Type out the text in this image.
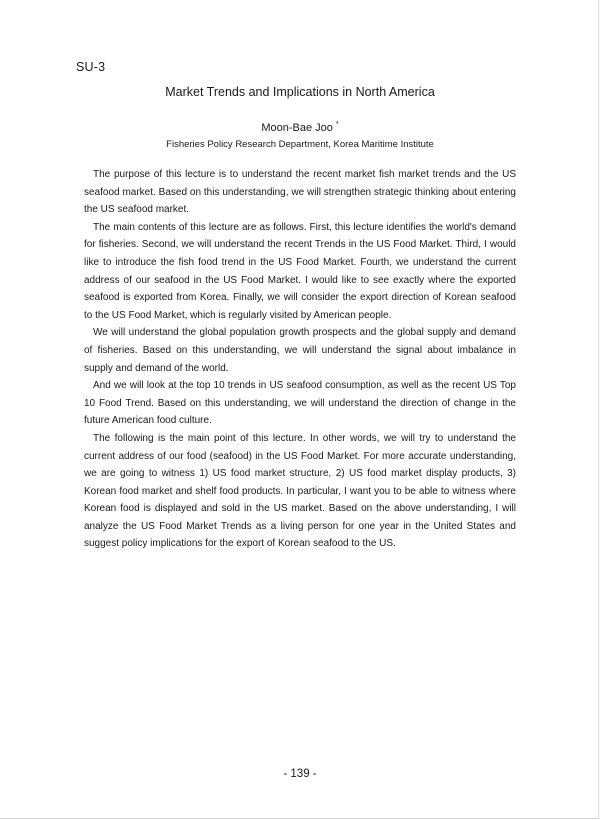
SU-3
Market Trends and Implications in North America
Moon-Bae Joo *
Fisheries Policy Research Department, Korea Maritime Institute

The purpose of this lecture is to understand the recent market fish market trends and the US seafood market. Based on this understanding, we will strengthen strategic thinking about entering the US seafood market.

The main contents of this lecture are as follows. First, this lecture identifies the world's demand for fisheries. Second, we will understand the recent Trends in the US Food Market. Third, I would like to introduce the fish food trend in the US Food Market. Fourth, we understand the current address of our seafood in the US Food Market. I would like to see exactly where the exported seafood is exported from Korea. Finally, we will consider the export direction of Korean seafood to the US Food Market, which is regularly visited by American people.

We will understand the global population growth prospects and the global supply and demand of fisheries. Based on this understanding, we will understand the signal about imbalance in supply and demand of the world.

And we will look at the top 10 trends in US seafood consumption, as well as the recent US Top 10 Food Trend. Based on this understanding, we will understand the direction of change in the future American food culture.

The following is the main point of this lecture. In other words, we will try to understand the current address of our food (seafood) in the US Food Market. For more accurate understanding, we are going to witness 1) US food market structure, 2) US food market display products, 3) Korean food market and shelf food products. In particular, I want you to be able to witness where Korean food is displayed and sold in the US market. Based on the above understanding, I will analyze the US Food Market Trends as a living person for one year in the United States and suggest policy implications for the export of Korean seafood to the US.

- 139 -
